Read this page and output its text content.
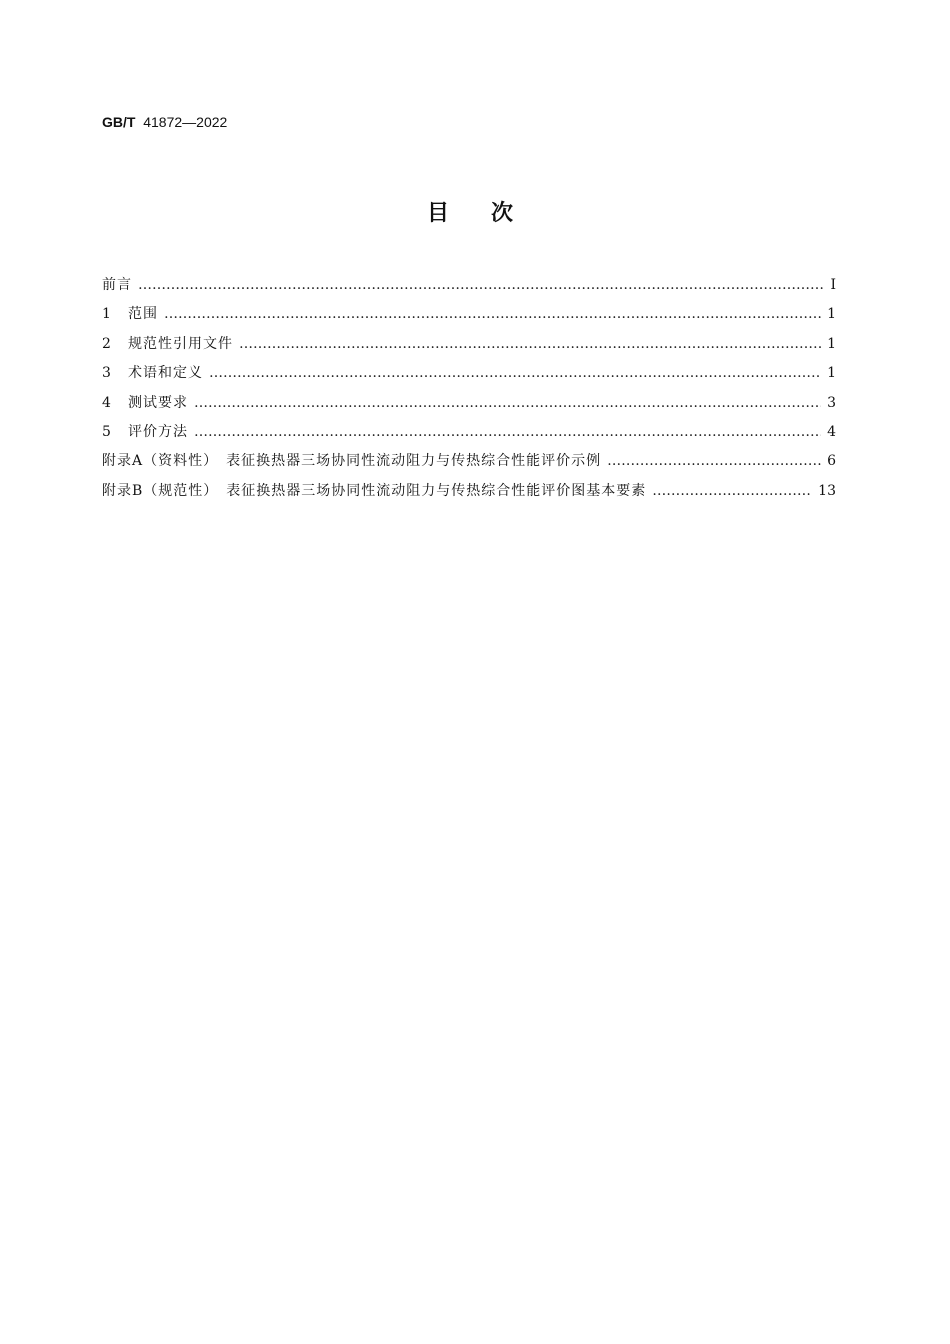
GB/T 41872—2022
目次
前言 …………………………………………………………………………………………………………………………………………………………………………………………………	Ⅰ
1	范围 …………………………………………………………………………………………………………………………………………………………………………………………………	1
2	规范性引用文件 …………………………………………………………………………………………………………………………………………………………………………………………………	1
3	术语和定义 …………………………………………………………………………………………………………………………………………………………………………………………………	1
4	测试要求 …………………………………………………………………………………………………………………………………………………………………………………………………	3
5	评价方法 …………………………………………………………………………………………………………………………………………………………………………………………………	4
附录A（资料性）　表征换热器三场协同性流动阻力与传热综合性能评价示例 …………………………………………………………………………………………………………………………………………………………………………………………………	6
附录B（规范性）　表征换热器三场协同性流动阻力与传热综合性能评价图基本要素 …………………………………………………………………………………………………………………………………………………………………………………………………	13
